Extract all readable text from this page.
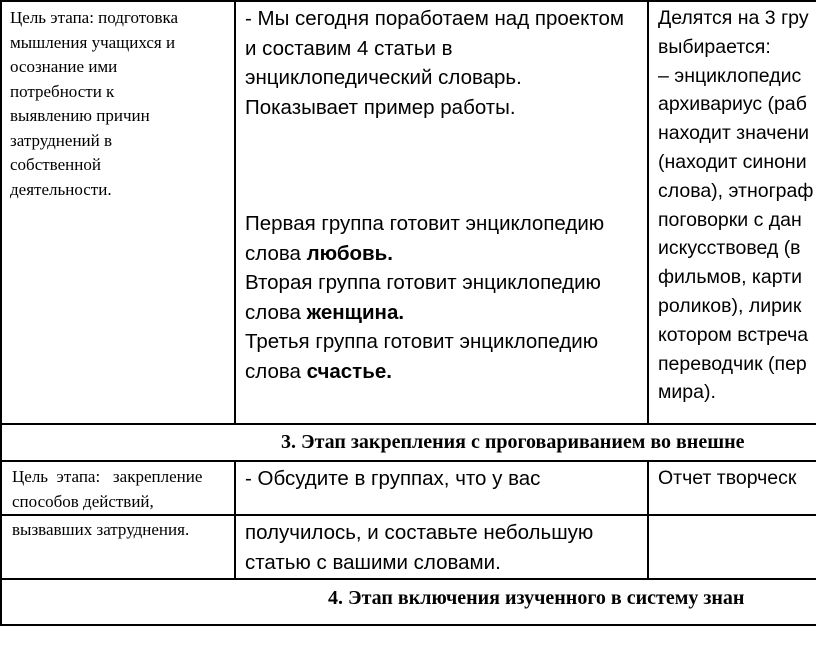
Цель этапа: подготовка
мышления учащихся и
осознание ими
потребности к
выявлению причин
затруднений в
собственной
деятельности.
- Мы сегодня поработаем над проектом
и составим 4 статьи в
энциклопедический словарь.
Показывает пример работы.
Первая группа готовит энциклопедию
слова любовь.
Вторая группа готовит энциклопедию
слова женщина.
Третья группа готовит энциклопедию
слова счастье.
Делятся на 3 гру
выбирается:
– энциклопедис
архивариус (раб
находит значени
(находит синони
слова), этнограф
поговорки с дан
искусствовед (в
фильмов, карти
роликов), лирик
котором встреча
переводчик (пер
мира).
3. Этап закрепления с проговариванием во внешне
Цель  этапа:   закрепление
способов действий,
- Обсудите в группах, что у вас	Отчет творческ
вызвавших затруднения.	получилось, и составьте небольшую
статью с вашими словами.
4. Этап включения изученного в систему знан
